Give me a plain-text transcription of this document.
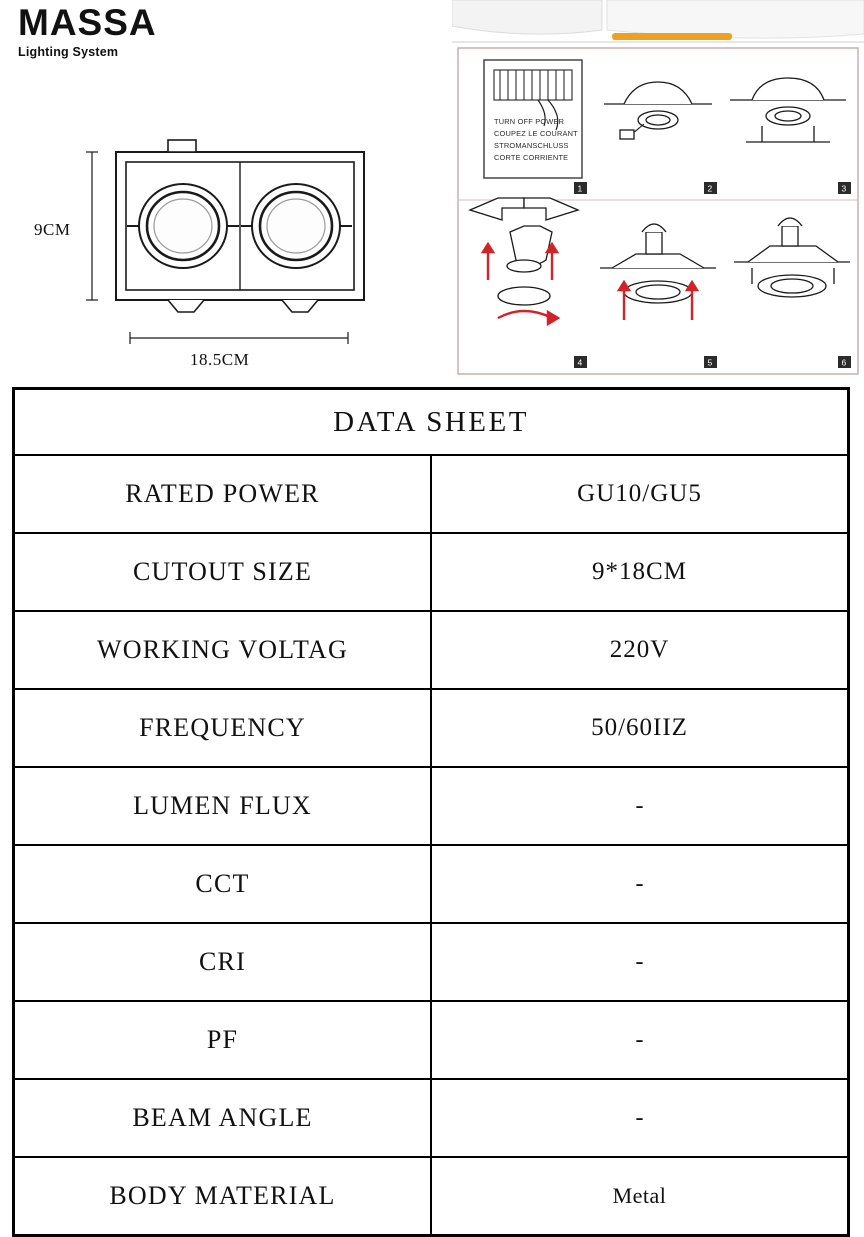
MASSA
Lighting System
9CM
18.5CM
TURN OFF POWER
COUPEZ LE COURANT
STROMANSCHLUSS
CORTE CORRIENTE
1	2	3
4	5	6
DATA SHEET	
RATED POWER	GU10/GU5
CUTOUT SIZE	9*18CM
WORKING VOLTAG	220V
FREQUENCY	50/60IIZ
LUMEN FLUX	-
CCT	-
CRI	-
PF	-
BEAM ANGLE	-
BODY MATERIAL	Metal
